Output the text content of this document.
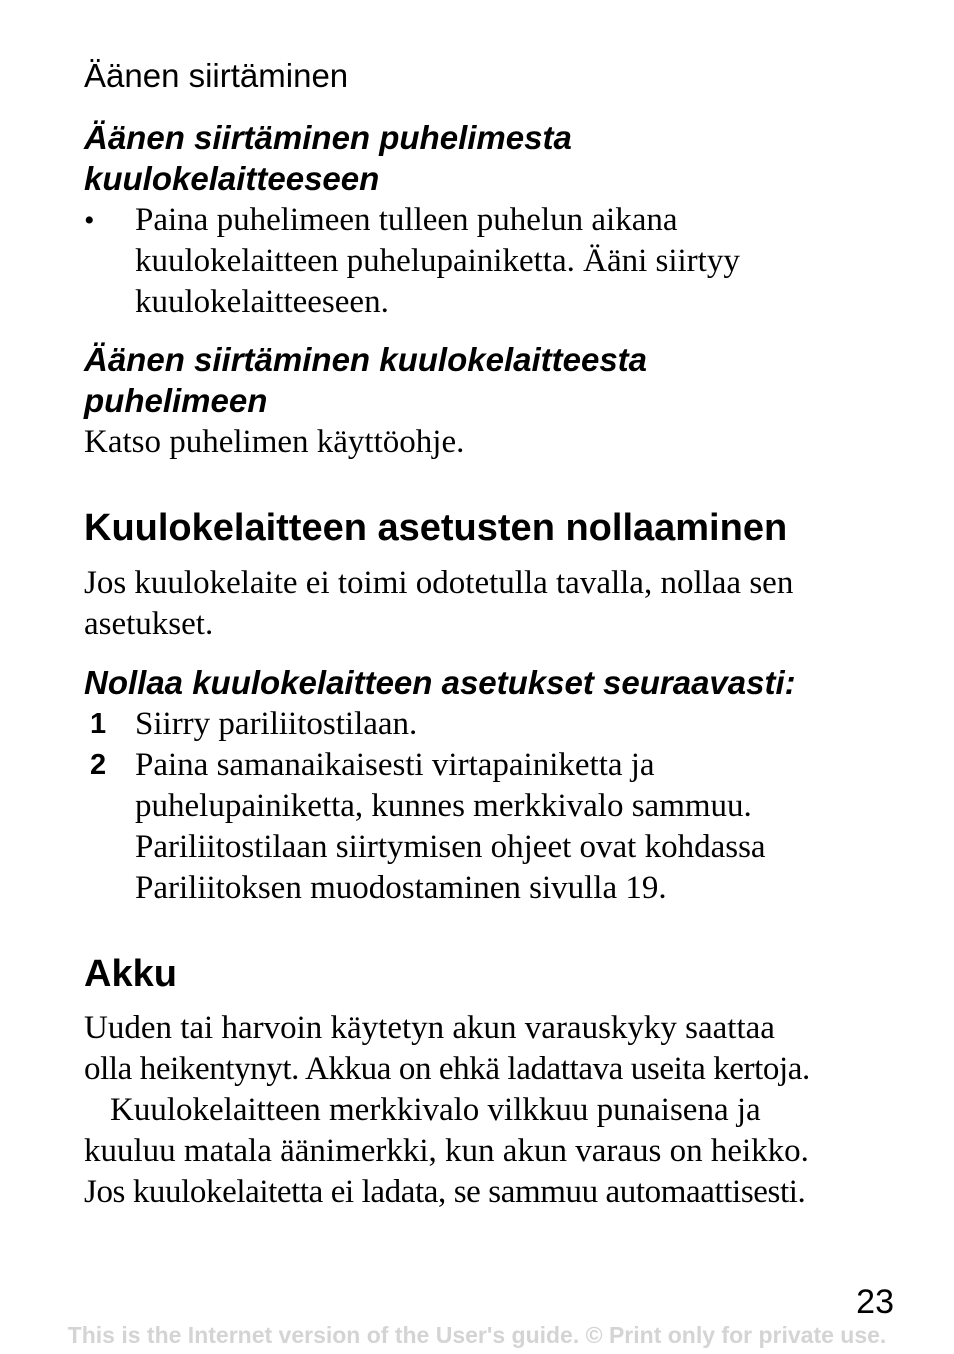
Äänen siirtäminen
Äänen siirtäminen puhelimesta
kuulokelaitteeseen
• Paina puhelimeen tulleen puhelun aikana
kuulokelaitteen puhelupainiketta. Ääni siirtyy
kuulokelaitteeseen.
Äänen siirtäminen kuulokelaitteesta
puhelimeen
Katso puhelimen käyttöohje.
Kuulokelaitteen asetusten nollaaminen
Jos kuulokelaite ei toimi odotetulla tavalla, nollaa sen
asetukset.
Nollaa kuulokelaitteen asetukset seuraavasti:
1 Siirry pariliitostilaan.
2 Paina samanaikaisesti virtapainiketta ja
puhelupainiketta, kunnes merkkivalo sammuu.
Pariliitostilaan siirtymisen ohjeet ovat kohdassa
Pariliitoksen muodostaminen sivulla 19.
Akku
Uuden tai harvoin käytetyn akun varauskyky saattaa
olla heikentynyt. Akkua on ehkä ladattava useita kertoja.
Kuulokelaitteen merkkivalo vilkkuu punaisena ja
kuuluu matala äänimerkki, kun akun varaus on heikko.
Jos kuulokelaitetta ei ladata, se sammuu automaattisesti.
23
This is the Internet version of the User's guide. © Print only for private use.
